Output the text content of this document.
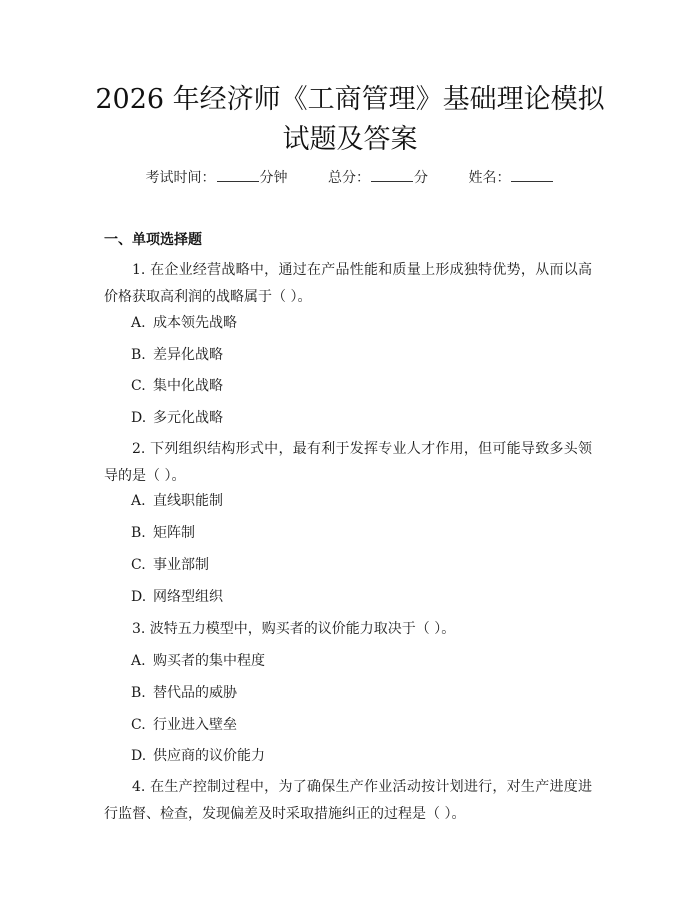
2026 年经济师《工商管理》基础理论模拟试题及答案
考试时间：	分钟	总分：	分	姓名：
一、单项选择题
1. 在企业经营战略中，通过在产品性能和质量上形成独特优势，从而以高价格获取高利润的战略属于（ ）。
A. 成本领先战略
B. 差异化战略
C. 集中化战略
D. 多元化战略
2. 下列组织结构形式中，最有利于发挥专业人才作用，但可能导致多头领导的是（ ）。
A. 直线职能制
B. 矩阵制
C. 事业部制
D. 网络型组织
3. 波特五力模型中，购买者的议价能力取决于（ ）。
A. 购买者的集中程度
B. 替代品的威胁
C. 行业进入壁垒
D. 供应商的议价能力
4. 在生产控制过程中，为了确保生产作业活动按计划进行，对生产进度进行监督、检查，发现偏差及时采取措施纠正的过程是（ ）。
